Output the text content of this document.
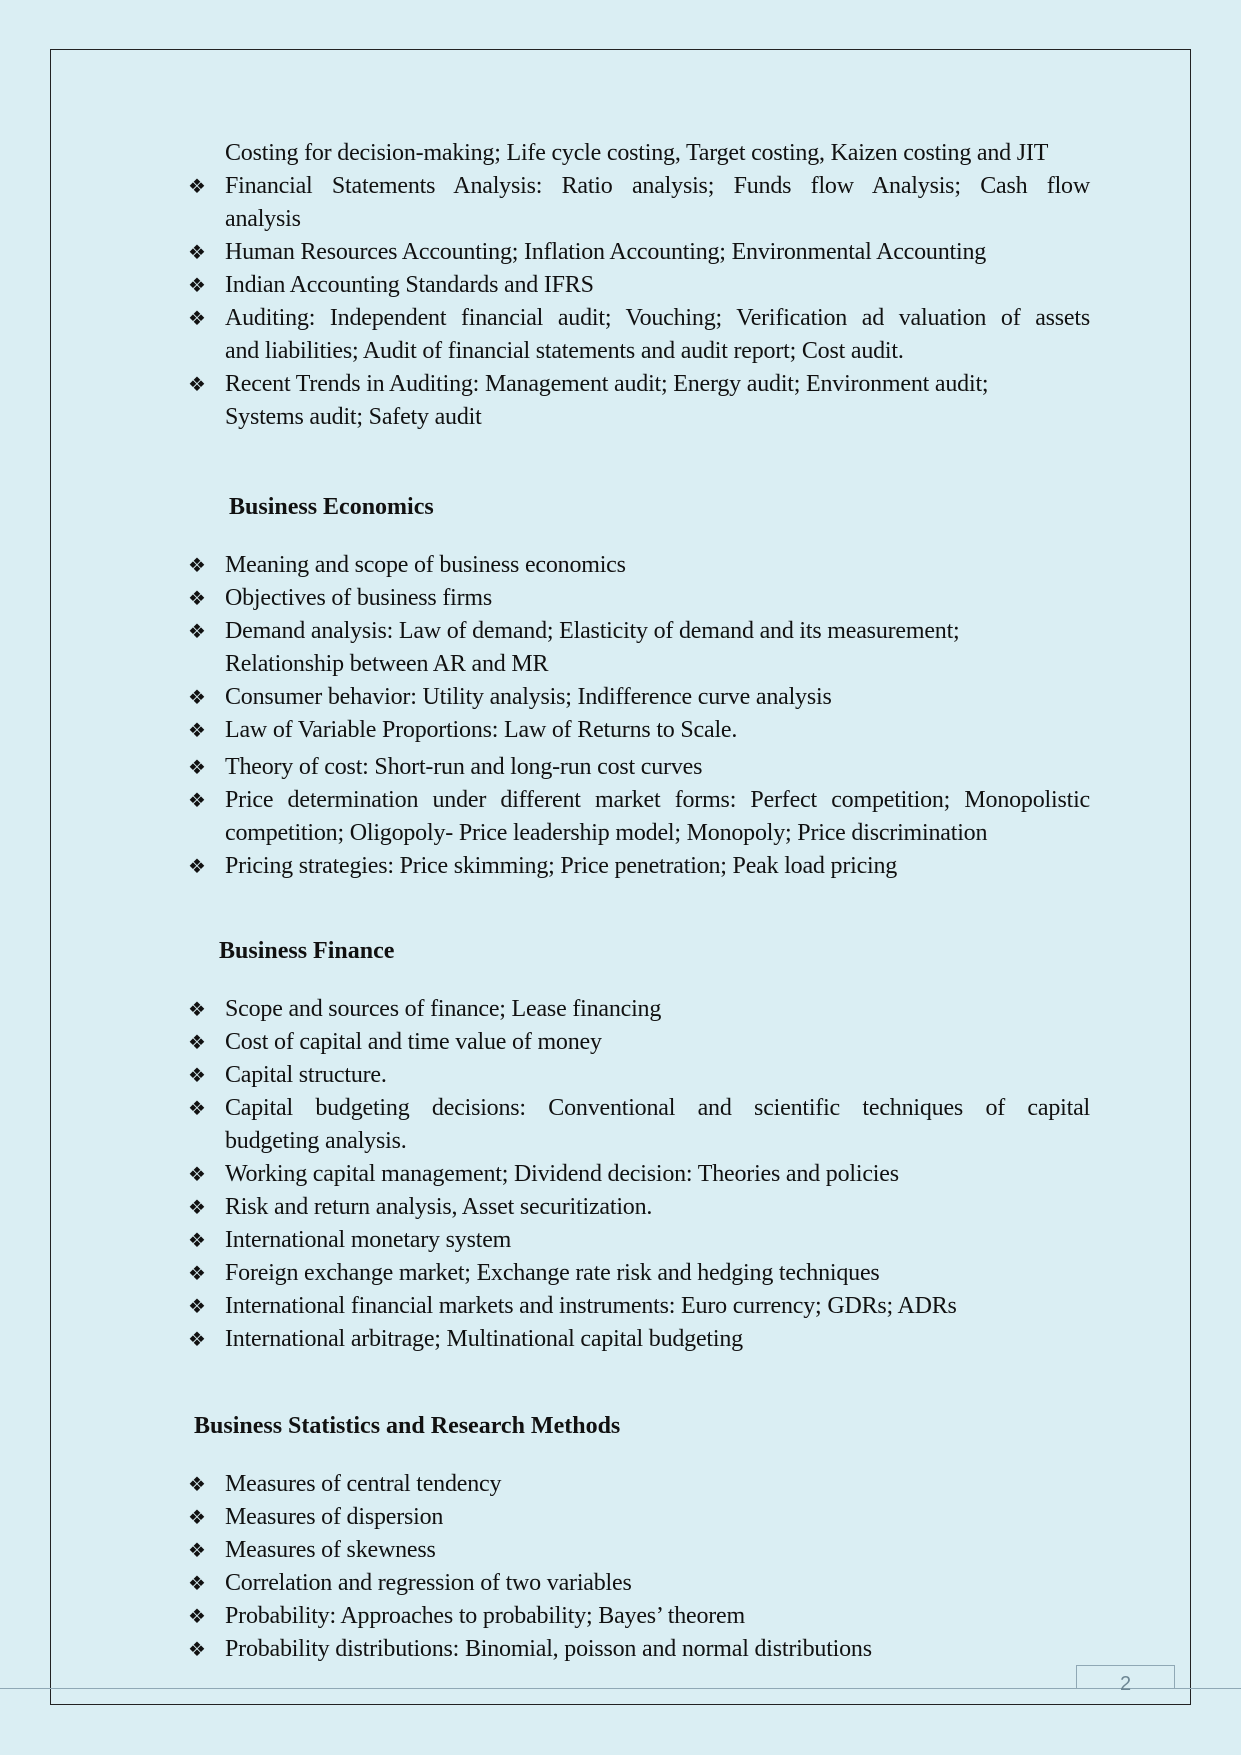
Costing for decision-making; Life cycle costing, Target costing, Kaizen costing and JIT
❖ Financial Statements Analysis: Ratio analysis; Funds flow Analysis; Cash flow
analysis
❖ Human Resources Accounting; Inflation Accounting; Environmental Accounting
❖ Indian Accounting Standards and IFRS
❖ Auditing: Independent financial audit; Vouching; Verification ad valuation of assets
and liabilities; Audit of financial statements and audit report; Cost audit.
❖ Recent Trends in Auditing: Management audit; Energy audit; Environment audit;
Systems audit; Safety audit
Business Economics
❖ Meaning and scope of business economics
❖ Objectives of business firms
❖ Demand analysis: Law of demand; Elasticity of demand and its measurement;
Relationship between AR and MR
❖ Consumer behavior: Utility analysis; Indifference curve analysis
❖ Law of Variable Proportions: Law of Returns to Scale.
❖ Theory of cost: Short-run and long-run cost curves
❖ Price determination under different market forms: Perfect competition; Monopolistic
competition; Oligopoly- Price leadership model; Monopoly; Price discrimination
❖ Pricing strategies: Price skimming; Price penetration; Peak load pricing
Business Finance
❖ Scope and sources of finance; Lease financing
❖ Cost of capital and time value of money
❖ Capital structure.
❖ Capital budgeting decisions: Conventional and scientific techniques of capital
budgeting analysis.
❖ Working capital management; Dividend decision: Theories and policies
❖ Risk and return analysis, Asset securitization.
❖ International monetary system
❖ Foreign exchange market; Exchange rate risk and hedging techniques
❖ International financial markets and instruments: Euro currency; GDRs; ADRs
❖ International arbitrage; Multinational capital budgeting
Business Statistics and Research Methods
❖ Measures of central tendency
❖ Measures of dispersion
❖ Measures of skewness
❖ Correlation and regression of two variables
❖ Probability: Approaches to probability; Bayes’ theorem
❖ Probability distributions: Binomial, poisson and normal distributions
2
